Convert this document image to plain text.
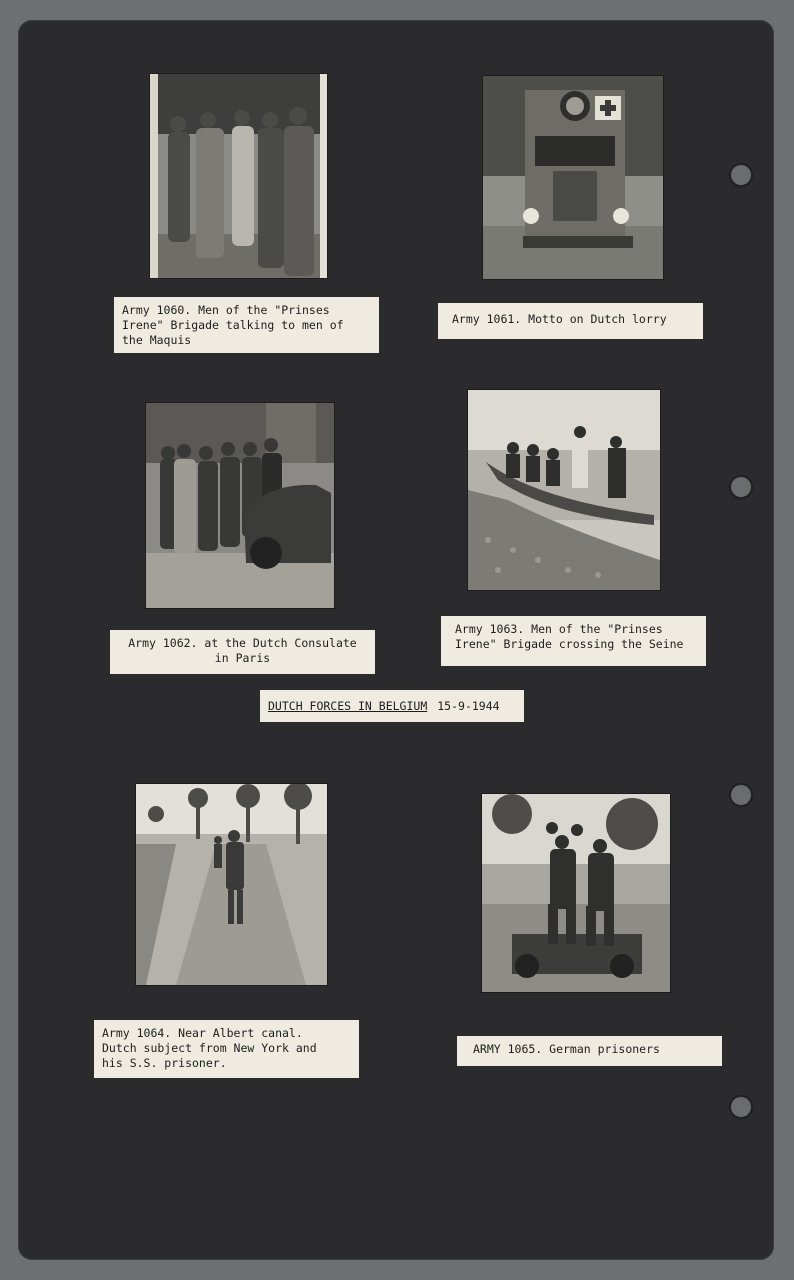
Army 1060. Men of the "Prinses
Irene" Brigade talking to men of
the Maquis
Army 1061. Motto on Dutch lorry
Army 1062. at the Dutch Consulate
in Paris
Army 1063. Men of the "Prinses
Irene" Brigade crossing the Seine
DUTCH FORCES IN BELGIUM 15-9-1944
Army 1064. Near Albert canal.
Dutch subject from New York and
his S.S. prisoner.
ARMY 1065. German prisoners
